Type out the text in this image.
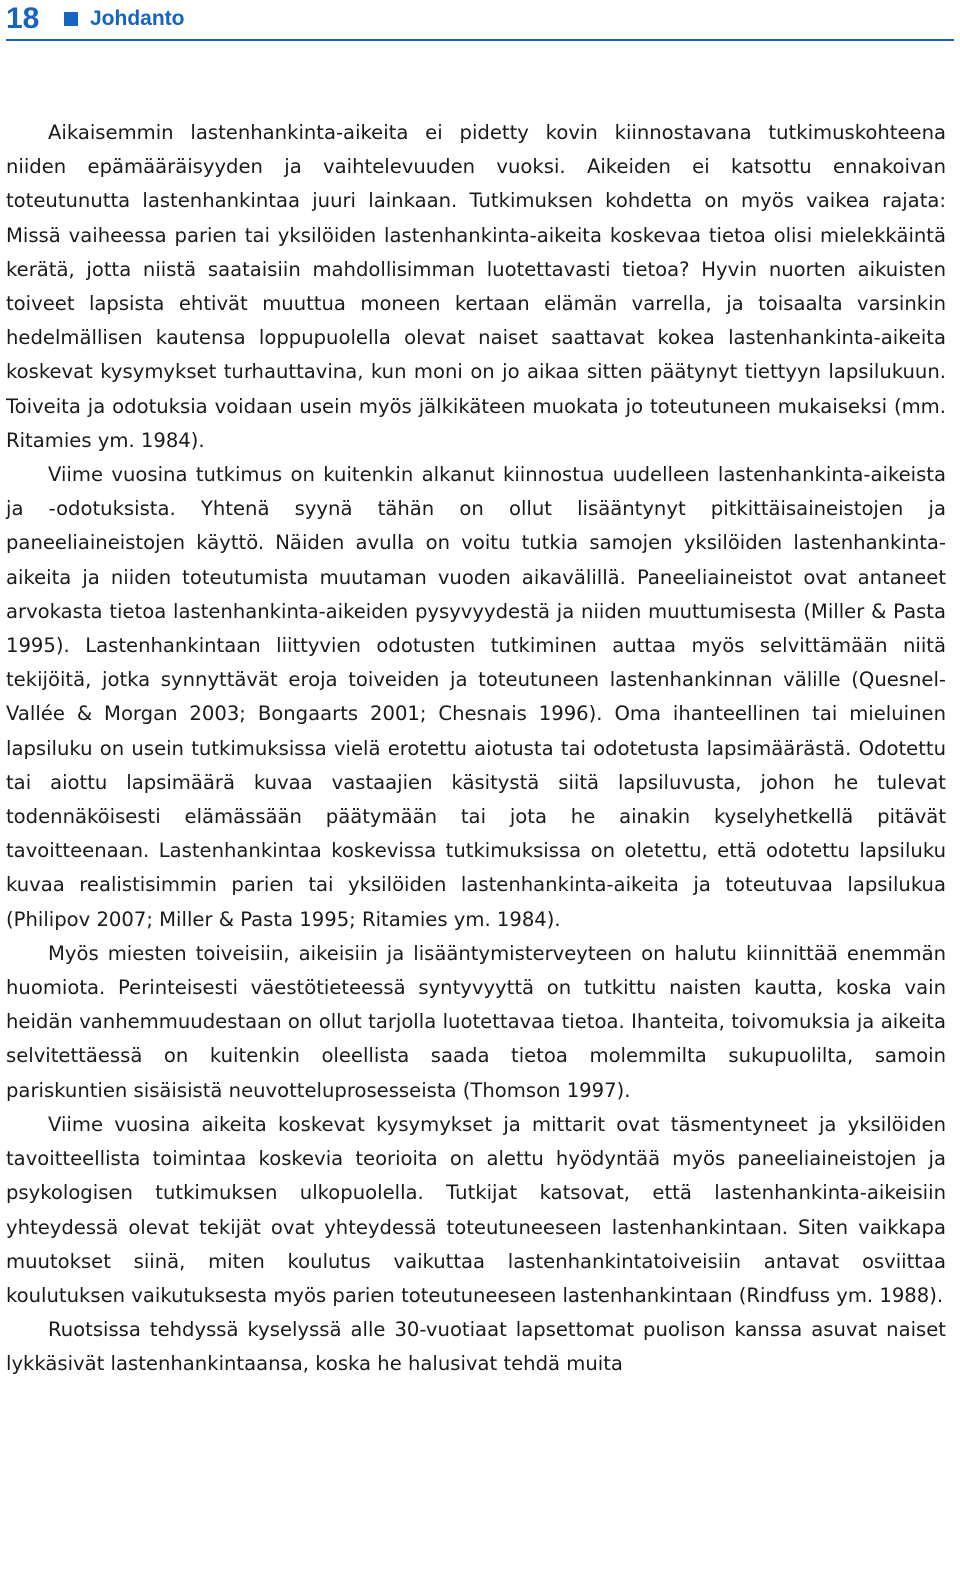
18 Johdanto

Aikaisemmin lastenhankinta-aikeita ei pidetty kovin kiinnostavana tutkimuskohteena niiden epämääräisyyden ja vaihtelevuuden vuoksi. Aikeiden ei katsottu ennakoivan toteutunutta lastenhankintaa juuri lainkaan. Tutkimuksen kohdetta on myös vaikea rajata: Missä vaiheessa parien tai yksilöiden lastenhankinta-aikeita koskevaa tietoa olisi mielekkäintä kerätä, jotta niistä saataisiin mahdollisimman luotettavasti tietoa? Hyvin nuorten aikuisten toiveet lapsista ehtivät muuttua moneen kertaan elämän varrella, ja toisaalta varsinkin hedelmällisen kautensa loppupuolella olevat naiset saattavat kokea lastenhankinta-aikeita koskevat kysymykset turhauttavina, kun moni on jo aikaa sitten päätynyt tiettyyn lapsilukuun. Toiveita ja odotuksia voidaan usein myös jälkikäteen muokata jo toteutuneen mukaiseksi (mm. Ritamies ym. 1984).

Viime vuosina tutkimus on kuitenkin alkanut kiinnostua uudelleen lastenhankinta-aikeista ja -odotuksista. Yhtenä syynä tähän on ollut lisääntynyt pitkittäisaineistojen ja paneeliaineistojen käyttö. Näiden avulla on voitu tutkia samojen yksilöiden lastenhankinta-aikeita ja niiden toteutumista muutaman vuoden aikavälillä. Paneeliaineistot ovat antaneet arvokasta tietoa lastenhankinta-aikeiden pysyvyydestä ja niiden muuttumisesta (Miller & Pasta 1995). Lastenhankintaan liittyvien odotusten tutkiminen auttaa myös selvittämään niitä tekijöitä, jotka synnyttävät eroja toiveiden ja toteutuneen lastenhankinnan välille (Quesnel-Vallée & Morgan 2003; Bongaarts 2001; Chesnais 1996). Oma ihanteellinen tai mieluinen lapsiluku on usein tutkimuksissa vielä erotettu aiotusta tai odotetusta lapsimäärästä. Odotettu tai aiottu lapsimäärä kuvaa vastaajien käsitystä siitä lapsiluvusta, johon he tulevat todennäköisesti elämässään päätymään tai jota he ainakin kyselyhetkellä pitävät tavoitteenaan. Lastenhankintaa koskevissa tutkimuksissa on oletettu, että odotettu lapsiluku kuvaa realistisimmin parien tai yksilöiden lastenhankinta-aikeita ja toteutuvaa lapsilukua (Philipov 2007; Miller & Pasta 1995; Ritamies ym. 1984).

Myös miesten toiveisiin, aikeisiin ja lisääntymisterveyteen on halutu kiinnittää enemmän huomiota. Perinteisesti väestötieteessä syntyvyyttä on tutkittu naisten kautta, koska vain heidän vanhemmuudestaan on ollut tarjolla luotettavaa tietoa. Ihanteita, toivomuksia ja aikeita selvitettäessä on kuitenkin oleellista saada tietoa molemmilta sukupuolilta, samoin pariskuntien sisäisistä neuvotteluprosesseista (Thomson 1997).

Viime vuosina aikeita koskevat kysymykset ja mittarit ovat täsmentyneet ja yksilöiden tavoitteellista toimintaa koskevia teorioita on alettu hyödyntää myös paneeliaineistojen ja psykologisen tutkimuksen ulkopuolella. Tutkijat katsovat, että lastenhankinta-aikeisiin yhteydessä olevat tekijät ovat yhteydessä toteutuneeseen lastenhankintaan. Siten vaikkapa muutokset siinä, miten koulutus vaikuttaa lastenhankintatoiveisiin antavat osviittaa koulutuksen vaikutuksesta myös parien toteutuneeseen lastenhankintaan (Rindfuss ym. 1988).

Ruotsissa tehdyssä kyselyssä alle 30-vuotiaat lapsettomat puolison kanssa asuvat naiset lykkäsivät lastenhankintaansa, koska he halusivat tehdä muita
